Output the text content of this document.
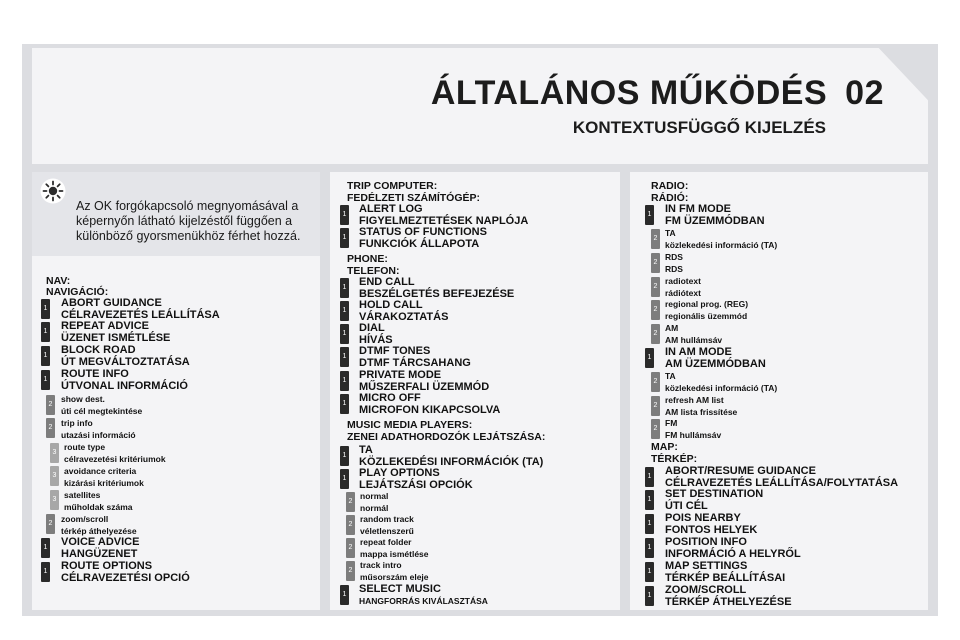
ÁLTALÁNOS MŰKÖDÉS 02
KONTEXTUSFÜGGŐ KIJELZÉS
Az OK forgókapcsoló megnyomásával a
képernyőn látható kijelzéstől függően a
különböző gyorsmenükhöz férhet hozzá.
NAV:
NAVIGÁCIÓ:
1 ABORT GUIDANCE
CÉLRAVEZETÉS LEÁLLÍTÁSA
1 REPEAT ADVICE
ÜZENET ISMÉTLÉSE
1 BLOCK ROAD
ÚT MEGVÁLTOZTATÁSA
1 ROUTE INFO
ÚTVONAL INFORMÁCIÓ
2
show dest.
úti cél megtekintése
2 trip info
utazási információ
3
route type
célravezetési kritériumok
3 avoidance criteria
kizárási kritériumok
3 satellites
műholdak száma
2 zoom/scroll
térkép áthelyezése
1 VOICE ADVICE
HANGÜZENET
1 ROUTE OPTIONS
CÉLRAVEZETÉSI OPCIÓ
TRIP COMPUTER:
FEDÉLZETI SZÁMÍTÓGÉP:
1 ALERT LOG
FIGYELMEZTETÉSEK NAPLÓJA
1 STATUS OF FUNCTIONS
FUNKCIÓK ÁLLAPOTA
PHONE:
TELEFON:
1 END CALL
BESZÉLGETÉS BEFEJEZÉSE
1 HOLD CALL
VÁRAKOZTATÁS
1 DIAL
HÍVÁS
1 DTMF TONES
DTMF TÁRCSAHANG
1 PRIVATE MODE
MŰSZERFALI ÜZEMMÓD
1 MICRO OFF
MICROFON KIKAPCSOLVA
MUSIC MEDIA PLAYERS:
ZENEI ADATHORDOZÓK LEJÁTSZÁSA:
1 TA
KÖZLEKEDÉSI INFORMÁCIÓK (TA)
1 PLAY OPTIONS
LEJÁTSZÁSI OPCIÓK
2
normal
normál
2
random track
véletlenszerű
2
repeat folder
mappa ismétlése
2
track intro
műsorszám eleje
1 SELECT MUSIC
HANGFORRÁS KIVÁLASZTÁSA
RADIO:
RÁDIÓ:
1 IN FM MODE
FM ÜZEMMÓDBAN
2
TA
közlekedési információ (TA)
2
RDS
RDS
2
radiotext
rádiótext
2
regional prog. (REG)
regionális üzemmód
2
AM
AM hullámsáv
1 IN AM MODE
AM ÜZEMMÓDBAN
2
TA
közlekedési információ (TA)
2
refresh AM list
AM lista frissítése
2
FM
FM hullámsáv
MAP:
TÉRKÉP:
1 ABORT/RESUME GUIDANCE
CÉLRAVEZETÉS LEÁLLÍTÁSA/FOLYTATÁSA
1 SET DESTINATION
ÚTI CÉL
1 POIS NEARBY
FONTOS HELYEK
1 POSITION INFO
INFORMÁCIÓ A HELYRŐL
1 MAP SETTINGS
TÉRKÉP BEÁLLÍTÁSAI
1 ZOOM/SCROLL
TÉRKÉP ÁTHELYEZÉSE
